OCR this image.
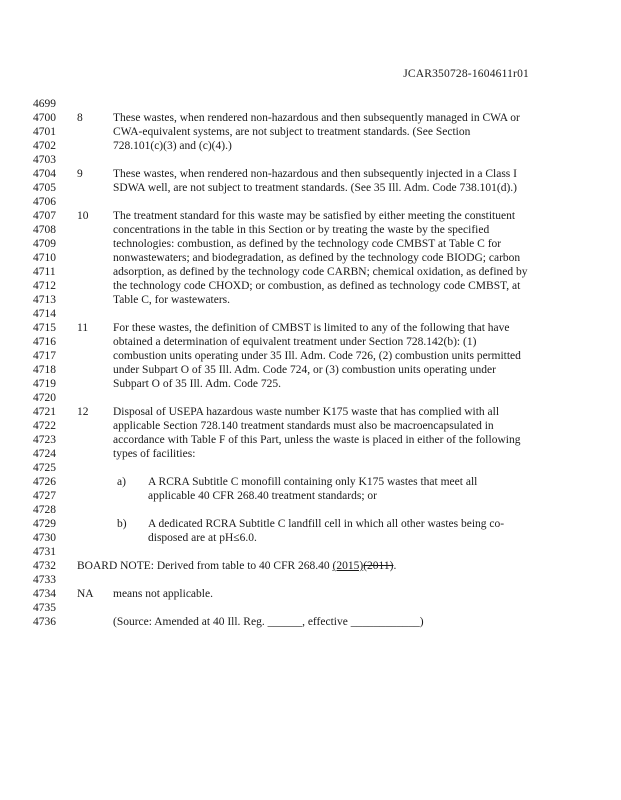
JCAR350728-1604611r01
4699
4700	8	These wastes, when rendered non-hazardous and then subsequently managed in CWA or
4701	CWA-equivalent systems, are not subject to treatment standards. (See Section
4702	728.101(c)(3) and (c)(4).)
4703
4704	9	These wastes, when rendered non-hazardous and then subsequently injected in a Class I
4705	SDWA well, are not subject to treatment standards. (See 35 Ill. Adm. Code 738.101(d).)
4706
4707	10	The treatment standard for this waste may be satisfied by either meeting the constituent
4708	concentrations in the table in this Section or by treating the waste by the specified
4709	technologies: combustion, as defined by the technology code CMBST at Table C for
4710	nonwastewaters; and biodegradation, as defined by the technology code BIODG; carbon
4711	adsorption, as defined by the technology code CARBN; chemical oxidation, as defined by
4712	the technology code CHOXD; or combustion, as defined as technology code CMBST, at
4713	Table C, for wastewaters.
4714
4715	11	For these wastes, the definition of CMBST is limited to any of the following that have
4716	obtained a determination of equivalent treatment under Section 728.142(b): (1)
4717	combustion units operating under 35 Ill. Adm. Code 726, (2) combustion units permitted
4718	under Subpart O of 35 Ill. Adm. Code 724, or (3) combustion units operating under
4719	Subpart O of 35 Ill. Adm. Code 725.
4720
4721	12	Disposal of USEPA hazardous waste number K175 waste that has complied with all
4722	applicable Section 728.140 treatment standards must also be macroencapsulated in
4723	accordance with Table F of this Part, unless the waste is placed in either of the following
4724	types of facilities:
4725
4726	a)	A RCRA Subtitle C monofill containing only K175 wastes that meet all
4727	applicable 40 CFR 268.40 treatment standards; or
4728
4729	b)	A dedicated RCRA Subtitle C landfill cell in which all other wastes being co-
4730	disposed are at pH≤6.0.
4731
4732	BOARD NOTE: Derived from table to 40 CFR 268.40 (2015)(2011).
4733
4734	NA means not applicable.
4735
4736	(Source: Amended at 40 Ill. Reg. ______, effective ____________)
